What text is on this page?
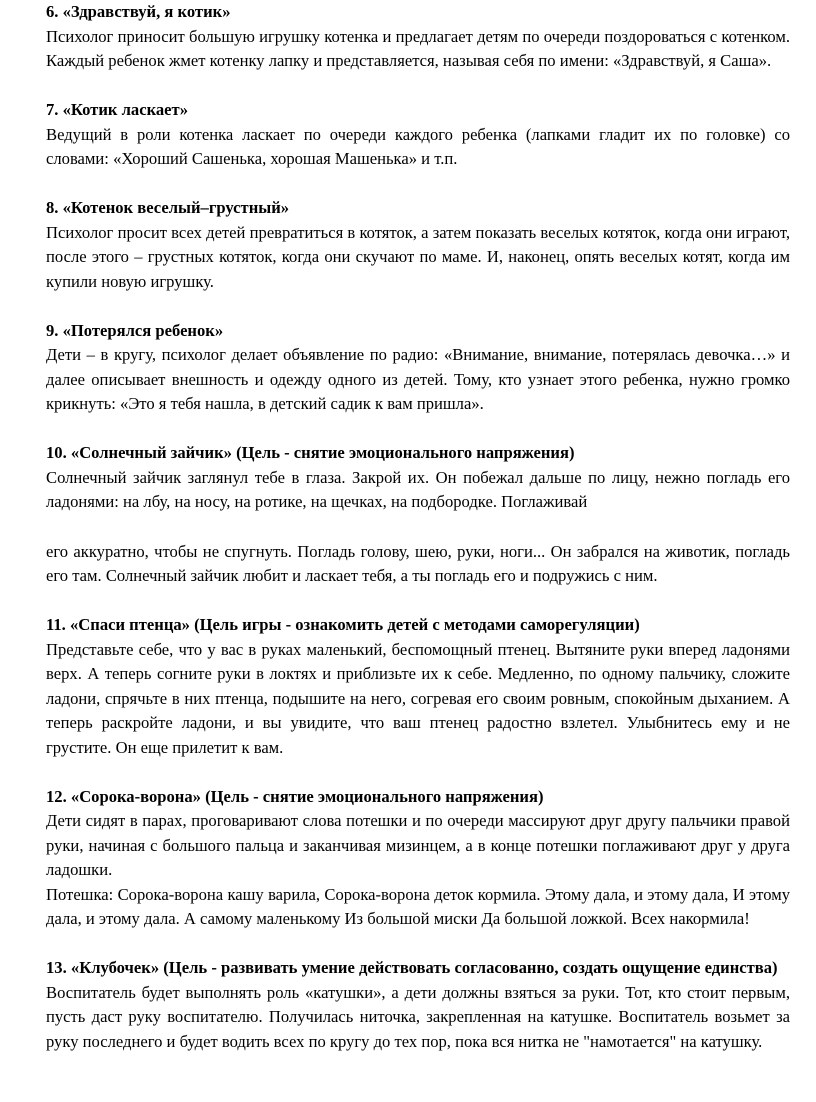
6. «Здравствуй, я котик»

Психолог приносит большую игрушку котенка и предлагает детям по очереди поздороваться с котенком. Каждый ребенок жмет котенку лапку и представляется, называя себя по имени: «Здравствуй, я Саша».

7. «Котик ласкает»

Ведущий в роли котенка ласкает по очереди каждого ребенка (лапками гладит их по головке) со словами: «Хороший Сашенька, хорошая Машенька» и т.п.

8. «Котенок веселый–грустный»

Психолог просит всех детей превратиться в котяток, а затем показать веселых котяток, когда они играют, после этого – грустных котяток, когда они скучают по маме. И, наконец, опять веселых котят, когда им купили новую игрушку.

9. «Потерялся ребенок»

Дети – в кругу, психолог делает объявление по радио: «Внимание, внимание, потерялась девочка…» и далее описывает внешность и одежду одного из детей. Тому, кто узнает этого ребенка, нужно громко крикнуть: «Это я тебя нашла, в детский садик к вам пришла».

10. «Солнечный зайчик» (Цель - снятие эмоционального напряжения)

Солнечный зайчик заглянул тебе в глаза. Закрой их. Он побежал дальше по лицу, нежно погладь его ладонями: на лбу, на носу, на ротике, на щечках, на подбородке. Поглаживай

его аккуратно, чтобы не спугнуть. Погладь голову, шею, руки, ноги... Он забрался на животик, погладь его там. Солнечный зайчик любит и ласкает тебя, а ты погладь его и подружись с ним.

11. «Спаси птенца» (Цель игры - ознакомить детей с методами саморегуляции)

Представьте себе, что у вас в руках маленький, беспомощный птенец. Вытяните руки вперед ладонями верх. А теперь согните руки в локтях и приблизьте их к себе. Медленно, по одному пальчику, сложите ладони, спрячьте в них птенца, подышите на него, согревая его своим ровным, спокойным дыханием. А теперь раскройте ладони, и вы увидите, что ваш птенец радостно взлетел. Улыбнитесь ему и не грустите. Он еще прилетит к вам.

12. «Сорока-ворона» (Цель - снятие эмоционального напряжения)

Дети сидят в парах, проговаривают слова потешки и по очереди массируют друг другу пальчики правой руки, начиная с большого пальца и заканчивая мизинцем, а в конце потешки поглаживают друг у друга ладошки.

Потешка: Сорока-ворона кашу варила, Сорока-ворона деток кормила. Этому дала, и этому дала, И этому дала, и этому дала. А самому маленькому Из большой миски Да большой ложкой. Всех накормила!

13. «Клубочек» (Цель - развивать умение действовать согласованно, создать ощущение единства)

Воспитатель будет выполнять роль «катушки», а дети должны взяться за руки. Тот, кто стоит первым, пусть даст руку воспитателю. Получилась ниточка, закрепленная на катушке. Воспитатель возьмет за руку последнего и будет водить всех по кругу до тех пор, пока вся нитка не "намотается" на катушку.
